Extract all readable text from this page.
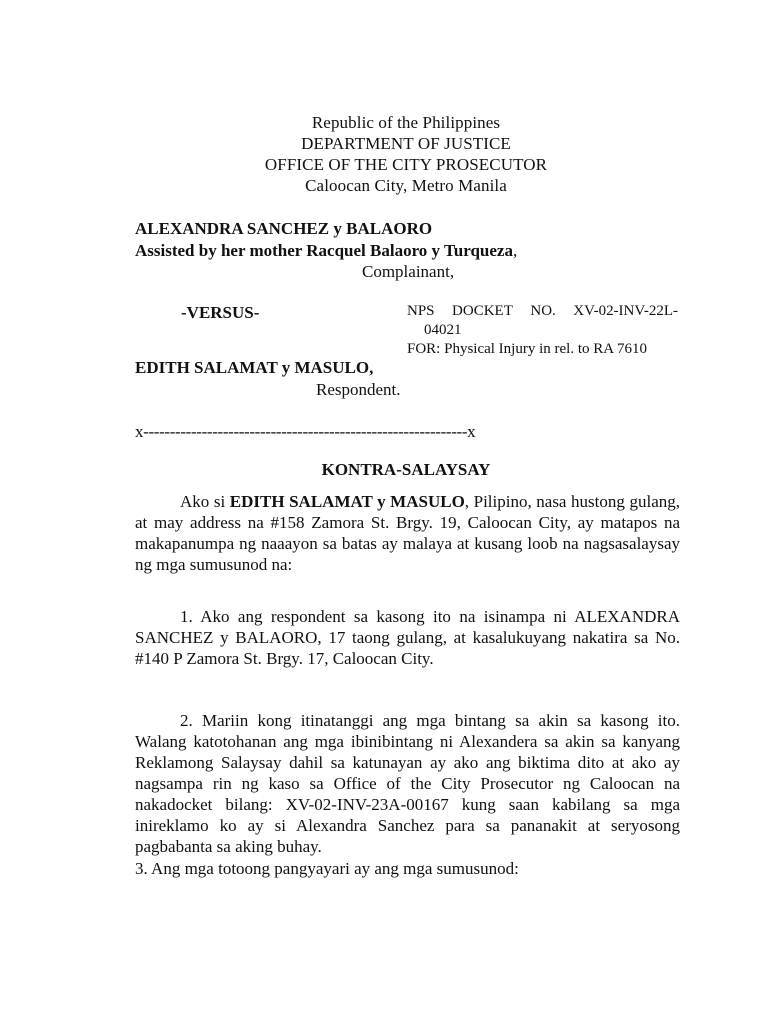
Republic of the Philippines
DEPARTMENT OF JUSTICE
OFFICE OF THE CITY PROSECUTOR
Caloocan City, Metro Manila
ALEXANDRA SANCHEZ y BALAORO
Assisted by her mother Racquel Balaoro y Turqueza,
Complainant,
-VERSUS-	NPS DOCKET NO. XV-02-INV-22L-
04021
FOR: Physical Injury in rel. to RA 7610
EDITH SALAMAT y MASULO,
Respondent.
x-------------------------------------------------------------x
KONTRA-SALAYSAY
Ako si EDITH SALAMAT y MASULO, Pilipino, nasa hustong gulang, at may address na #158 Zamora St. Brgy. 19, Caloocan City, ay matapos na makapanumpa ng naaayon sa batas ay malaya at kusang loob na nagsasalaysay ng mga sumusunod na:
1. Ako ang respondent sa kasong ito na isinampa ni ALEXANDRA SANCHEZ y BALAORO, 17 taong gulang, at kasalukuyang nakatira sa No. #140 P Zamora St. Brgy. 17, Caloocan City.
2. Mariin kong itinatanggi ang mga bintang sa akin sa kasong ito. Walang katotohanan ang mga ibinibintang ni Alexandera sa akin sa kanyang Reklamong Salaysay dahil sa katunayan ay ako ang biktima dito at ako ay nagsampa rin ng kaso sa Office of the City Prosecutor ng Caloocan na nakadocket bilang: XV-02-INV-23A-00167 kung saan kabilang sa mga inireklamo ko ay si Alexandra Sanchez para sa pananakit at seryosong pagbabanta sa aking buhay.
3. Ang mga totoong pangyayari ay ang mga sumusunod:
